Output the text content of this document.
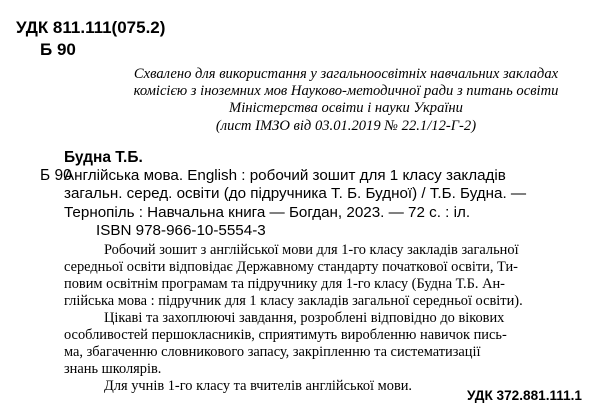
УДК 811.111(075.2)
Б 90
Схвалено для використання у загальноосвітніх навчальних закладах
комісією з іноземних мов Науково-методичної ради з питань освіти
Міністерства освіти і науки України
(лист ІМЗО від 03.01.2019 № 22.1/12-Г-2)
Будна Т.Б.
Б 90
Англійська мова. English : робочий зошит для 1 класу закладів
загальн. серед. освіти (до підручника Т. Б. Будної) / Т.Б. Будна. —
Тернопіль : Навчальна книга — Богдан, 2023. — 72 с. : іл.
ISBN 978-966-10-5554-3
Робочий зошит з англійської мови для 1-го класу закладів загальної
середньої освіти відповідає Державному стандарту початкової освіти, Ти-
повим освітнім програмам та підручнику для 1-го класу (Будна Т.Б. Ан-
глійська мова : підручник для 1 класу закладів загальної середньої освіти).
Цікаві та захоплюючі завдання, розроблені відповідно до вікових
особливостей першокласників, сприятимуть виробленню навичок пись-
ма, збагаченню словникового запасу, закріпленню та систематизації
знань школярів.
Для учнів 1-го класу та вчителів англійської мови.
УДК 372.881.111.1
